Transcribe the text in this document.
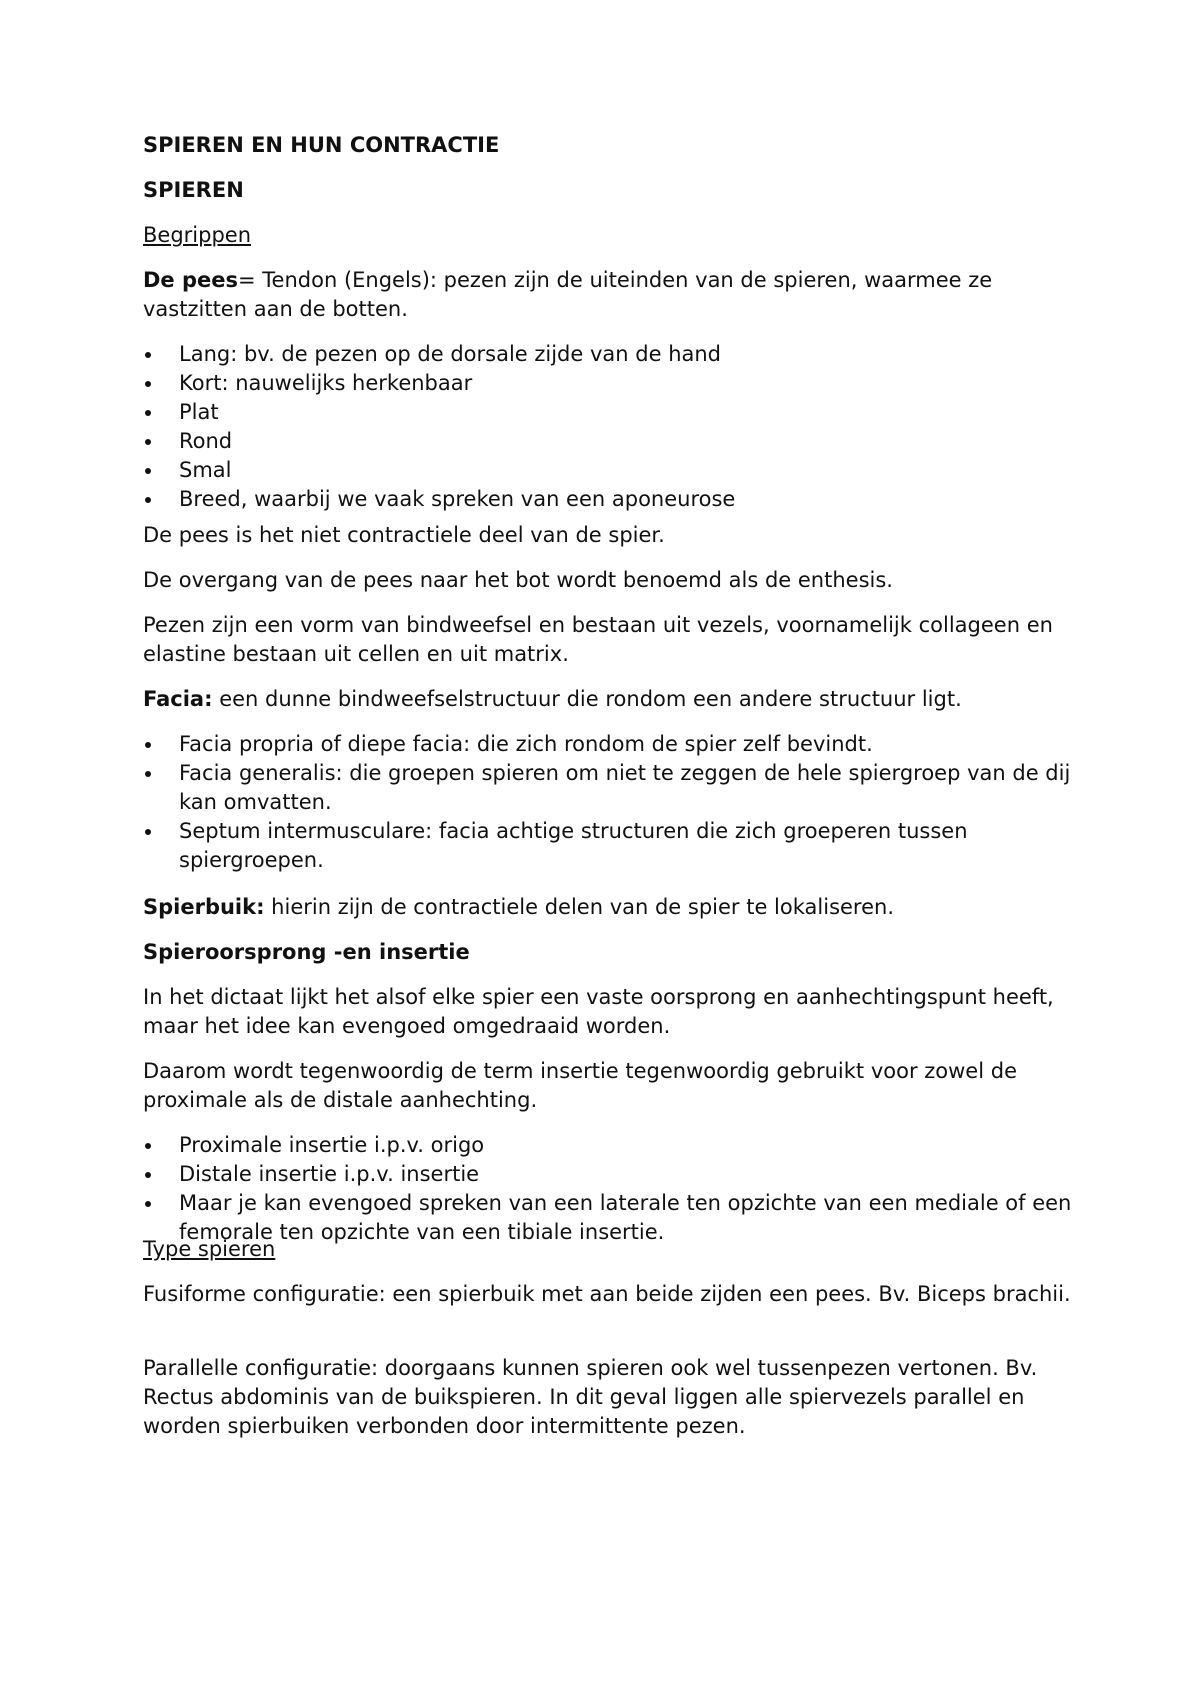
SPIEREN EN HUN CONTRACTIE
SPIEREN
Begrippen
De pees= Tendon (Engels): pezen zijn de uiteinden van de spieren, waarmee ze vastzitten aan de botten.
Lang: bv. de pezen op de dorsale zijde van de hand
Kort: nauwelijks herkenbaar
Plat
Rond
Smal
Breed, waarbij we vaak spreken van een aponeurose
De pees is het niet contractiele deel van de spier.
De overgang van de pees naar het bot wordt benoemd als de enthesis.
Pezen zijn een vorm van bindweefsel en bestaan uit vezels, voornamelijk collageen en elastine bestaan uit cellen en uit matrix.
Facia: een dunne bindweefselstructuur die rondom een andere structuur ligt.
Facia propria of diepe facia: die zich rondom de spier zelf bevindt.
Facia generalis: die groepen spieren om niet te zeggen de hele spiergroep van de dij kan omvatten.
Septum intermusculare: facia achtige structuren die zich groeperen tussen spiergroepen.
Spierbuik: hierin zijn de contractiele delen van de spier te lokaliseren.
Spieroorsprong -en insertie
In het dictaat lijkt het alsof elke spier een vaste oorsprong en aanhechtingspunt heeft, maar het idee kan evengoed omgedraaid worden.
Daarom wordt tegenwoordig de term insertie tegenwoordig gebruikt voor zowel de proximale als de distale aanhechting.
Proximale insertie i.p.v. origo
Distale insertie i.p.v. insertie
Maar je kan evengoed spreken van een laterale ten opzichte van een mediale of een femorale ten opzichte van een tibiale insertie.
Type spieren
Fusiforme configuratie: een spierbuik met aan beide zijden een pees. Bv. Biceps brachii.
Parallelle configuratie: doorgaans kunnen spieren ook wel tussenpezen vertonen. Bv. Rectus abdominis van de buikspieren. In dit geval liggen alle spiervezels parallel en worden spierbuiken verbonden door intermittente pezen.
